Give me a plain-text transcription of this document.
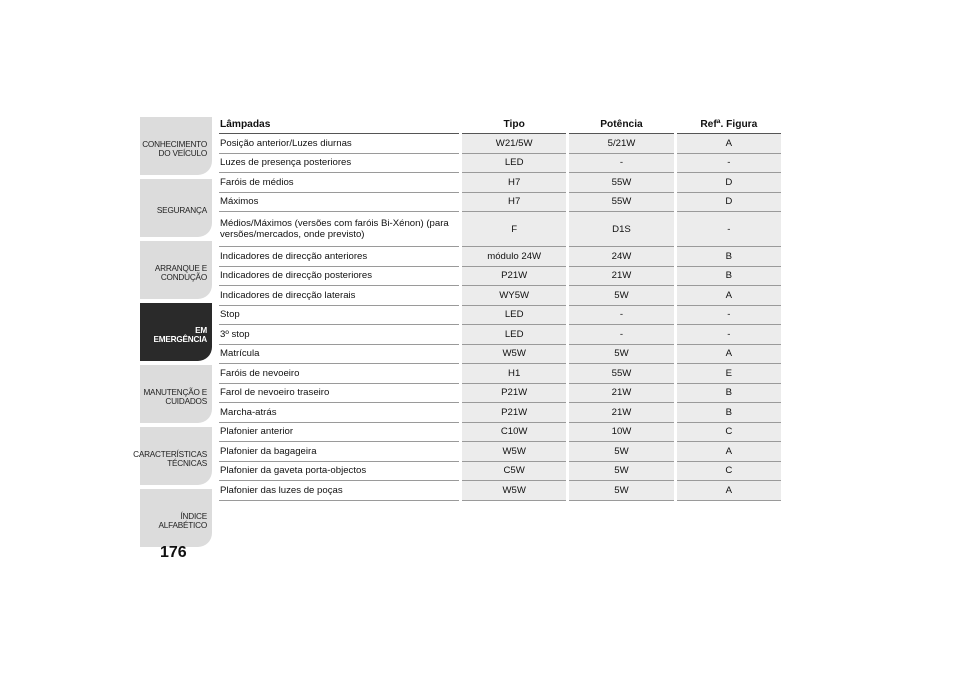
CONHECIMENTO DO VEÍCULO
SEGURANÇA
ARRANQUE E CONDUÇÃO
EM EMERGÊNCIA
MANUTENÇÃO E CUIDADOS
CARACTERÍSTICAS TÉCNICAS
ÍNDICE ALFABÉTICO
176
Lâmpadas	Tipo	Potência	Refª. Figura
Posição anterior/Luzes diurnas	W21/5W	5/21W	A
Luzes de presença posteriores	LED	-	-
Faróis de médios	H7	55W	D
Máximos	H7	55W	D
Médios/Máximos (versões com faróis Bi-Xénon) (para versões/mercados, onde previsto)	F	D1S	-
Indicadores de direcção anteriores	módulo 24W	24W	B
Indicadores de direcção posteriores	P21W	21W	B
Indicadores de direcção laterais	WY5W	5W	A
Stop	LED	-	-
3º stop	LED	-	-
Matrícula	W5W	5W	A
Faróis de nevoeiro	H1	55W	E
Farol de nevoeiro traseiro	P21W	21W	B
Marcha-atrás	P21W	21W	B
Plafonier anterior	C10W	10W	C
Plafonier da bagageira	W5W	5W	A
Plafonier da gaveta porta-objectos	C5W	5W	C
Plafonier das luzes de poças	W5W	5W	A
